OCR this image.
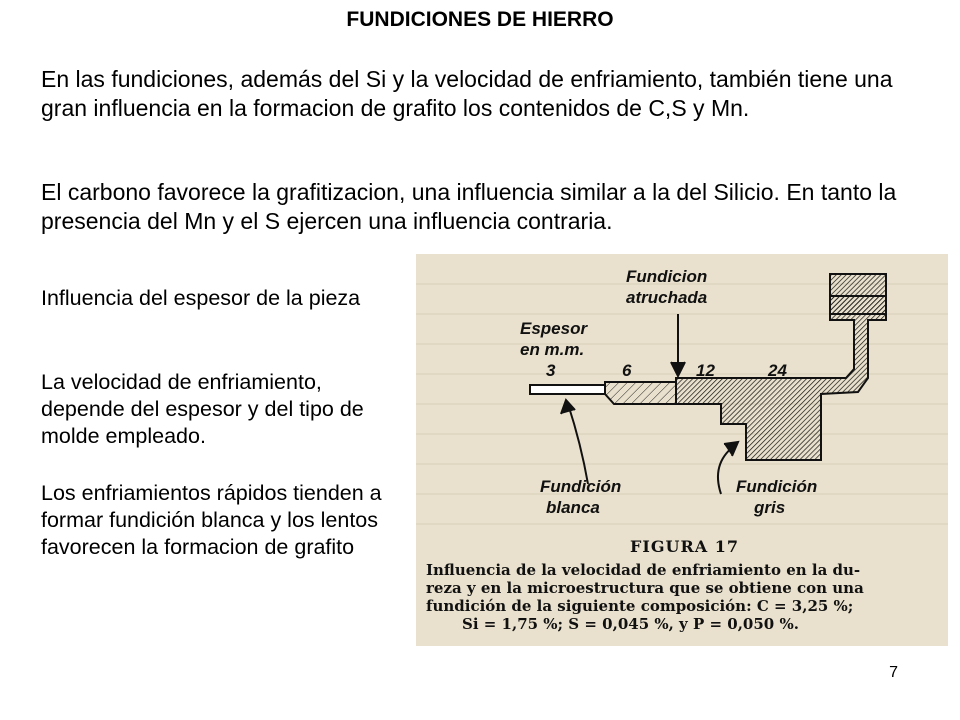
FUNDICIONES DE HIERRO

En las fundiciones, además del Si y la velocidad de enfriamiento, también tiene una gran influencia en la formacion de grafito los contenidos de C,S y Mn.

El carbono favorece la grafitizacion, una influencia similar a la del Silicio. En tanto la presencia del Mn y el S ejercen una influencia contraria.

Influencia del espesor de la pieza

La velocidad de enfriamiento, depende del espesor y del tipo de molde empleado.

Los enfriamientos rápidos tienden a formar fundición blanca y los lentos favorecen la formacion de grafito

Fundicion
atruchada
Espesor
en m.m.
3	6	12	24
Fundición
blanca
Fundición
gris
FIGURA 17
Influencia de la velocidad de enfriamiento en la du-
reza y en la microestructura que se obtiene con una
fundición de la siguiente composición: C = 3,25 %;
Si = 1,75 %; S = 0,045 %, y P = 0,050 %.
7
